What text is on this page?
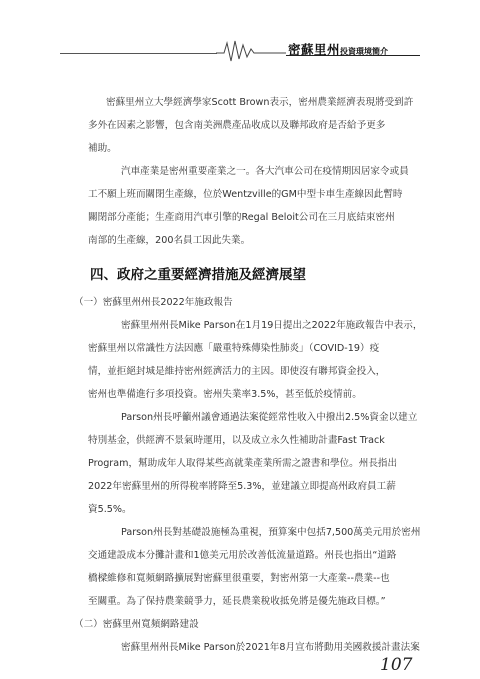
密蘇里州投資環境簡介
密蘇里州立大學經濟學家Scott Brown表示，密州農業經濟表現將受到許
多外在因素之影響，包含南美洲農產品收成以及聯邦政府是否給予更多
補助。
汽車產業是密州重要產業之一。各大汽車公司在疫情期因居家令或員
工不願上班而關閉生產線，位於Wentzville的GM中型卡車生產線因此暫時
關閉部分產能；生產商用汽車引擎的Regal Beloit公司在三月底結束密州
南部的生產線，200名員工因此失業。
四、政府之重要經濟措施及經濟展望
（一）密蘇里州州長2022年施政報告
密蘇里州州長Mike Parson在1月19日提出之2022年施政報告中表示，
密蘇里州以常識性方法因應「嚴重特殊傳染性肺炎」（COVID-19）疫
情，並拒絕封城是維持密州經濟活力的主因。即使沒有聯邦資金投入，
密州也準備進行多項投資。密州失業率3.5%，甚至低於疫情前。
Parson州長呼籲州議會通過法案從經常性收入中撥出2.5%資金以建立
特別基金，供經濟不景氣時運用，以及成立永久性補助計畫Fast Track
Program，幫助成年人取得某些高就業產業所需之證書和學位。州長指出
2022年密蘇里州的所得稅率將降至5.3%，並建議立即提高州政府員工薪
資5.5%。
Parson州長對基礎設施極為重視，預算案中包括7,500萬美元用於密州
交通建設成本分攤計畫和1億美元用於改善低流量道路。州長也指出“道路
橋樑維修和寬頻網路擴展對密蘇里很重要，對密州第一大產業--農業--也
至關重。為了保持農業競爭力，延長農業稅收抵免將是優先施政目標。”
（二）密蘇里州寬頻網路建設
密蘇里州州長Mike Parson於2021年8月宣布將動用美國救援計畫法案
107
